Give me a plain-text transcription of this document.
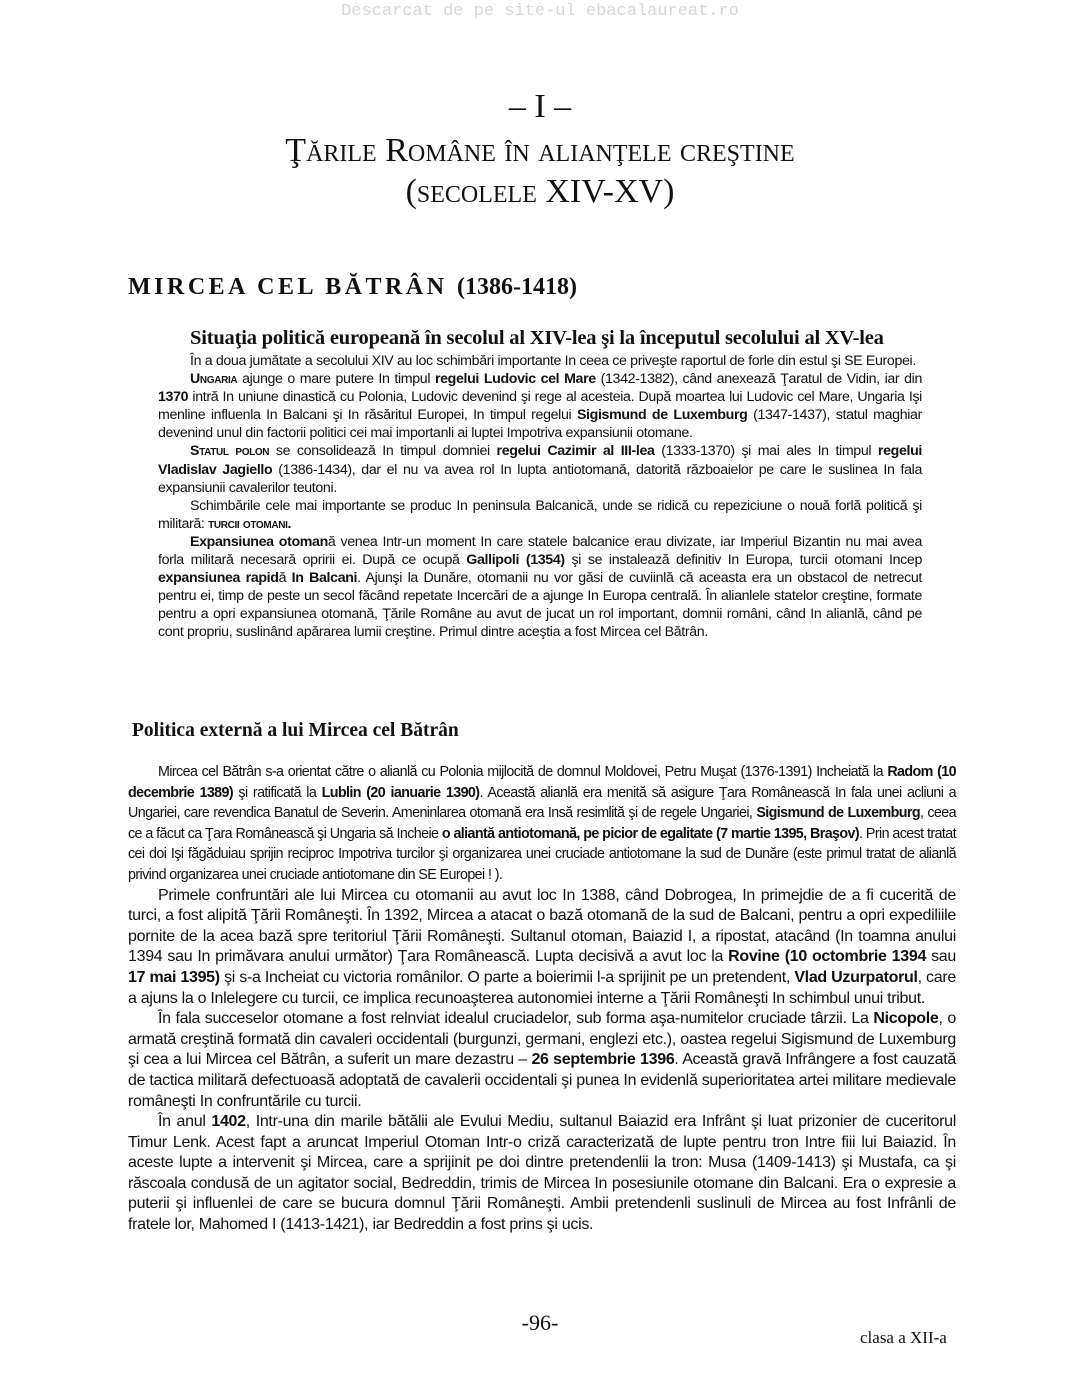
Descarcat de pe site-ul ebacalaureat.ro
– I –
Ţările Române în alianţele creştine
(secolele XIV-XV)
MIRCEA CEL BĂTRÂN (1386-1418)
Situaţia politică europeană în secolul al XIV-lea şi la începutul secolului al XV-lea

În a doua jumătate a secolului XIV au loc schimbări importante In ceea ce priveşte raportul de forle din estul şi SE Europei.

Ungaria ajunge o mare putere In timpul regelui Ludovic cel Mare (1342-1382), când anexează Ţaratul de Vidin, iar din 1370 intră In uniune dinastică cu Polonia, Ludovic devenind şi rege al acesteia. După moartea lui Ludovic cel Mare, Ungaria Işi menline influenla In Balcani şi In răsăritul Europei, In timpul regelui Sigismund de Luxemburg (1347-1437), statul maghiar devenind unul din factorii politici cei mai importanli ai luptei Impotriva expansiunii otomane.

Statul polon se consolidează In timpul domniei regelui Cazimir al III-lea (1333-1370) şi mai ales In timpul regelui Vladislav Jagiello (1386-1434), dar el nu va avea rol In lupta antiotomană, datorită războaielor pe care le suslinea In fala expansiunii cavalerilor teutoni.

Schimbările cele mai importante se produc In peninsula Balcanică, unde se ridică cu repeziciune o nouă forlă politică şi militară: turcii otomani.

Expansiunea otomană venea Intr-un moment In care statele balcanice erau divizate, iar Imperiul Bizantin nu mai avea forla militară necesară opririi ei. După ce ocupă Gallipoli (1354) şi se instalează definitiv In Europa, turcii otomani Incep expansiunea rapidă In Balcani. Ajunşi la Dunăre, otomanii nu vor găsi de cuviinlă că aceasta era un obstacol de netrecut pentru ei, timp de peste un secol făcând repetate Incercări de a ajunge In Europa centrală. În alianlele statelor creştine, formate pentru a opri expansiunea otomană, Ţările Române au avut de jucat un rol important, domnii români, când In alianlă, când pe cont propriu, suslinând apărarea lumii creştine. Primul dintre aceştia a fost Mircea cel Bătrân.

Politica externă a lui Mircea cel Bătrân

Mircea cel Bătrân s-a orientat către o alianlă cu Polonia mijlocită de domnul Moldovei, Petru Muşat (1376-1391) Incheiată la Radom (10 decembrie 1389) şi ratificată la Lublin (20 ianuarie 1390). Această alianlă era menită să asigure Ţara Românească In fala unei acliuni a Ungariei, care revendica Banatul de Severin. Ameninlarea otomană era Insă resimlită şi de regele Ungariei, Sigismund de Luxemburg, ceea ce a făcut ca Ţara Românească şi Ungaria să Incheie o aliantă antiotomană, pe picior de egalitate (7 martie 1395, Braşov). Prin acest tratat cei doi Işi făgăduiau sprijin reciproc Impotriva turcilor şi organizarea unei cruciade antiotomane la sud de Dunăre (este primul tratat de alianlă privind organizarea unei cruciade antiotomane din SE Europei ! ).

Primele confruntări ale lui Mircea cu otomanii au avut loc In 1388, când Dobrogea, In primejdie de a fi cucerită de turci, a fost alipită Ţării Româneşti. În 1392, Mircea a atacat o bază otomană de la sud de Balcani, pentru a opri expediliile pornite de la acea bază spre teritoriul Ţării Româneşti. Sultanul otoman, Baiazid I, a ripostat, atacând (In toamna anului 1394 sau In primăvara anului următor) Ţara Românească. Lupta decisivă a avut loc la Rovine (10 octombrie 1394 sau 17 mai 1395) şi s-a Incheiat cu victoria românilor. O parte a boierimii l-a sprijinit pe un pretendent, Vlad Uzurpatorul, care a ajuns la o Inlelegere cu turcii, ce implica recunoaşterea autonomiei interne a Ţării Româneşti In schimbul unui tribut.

În fala succeselor otomane a fost relnviat idealul cruciadelor, sub forma aşa-numitelor cruciade târzii. La Nicopole, o armată creştină formată din cavaleri occidentali (burgunzi, germani, englezi etc.), oastea regelui Sigismund de Luxemburg şi cea a lui Mircea cel Bătrân, a suferit un mare dezastru – 26 septembrie 1396. Această gravă Infrângere a fost cauzată de tactica militară defectuoasă adoptată de cavalerii occidentali şi punea In evidenlă superioritatea artei militare medievale româneşti In confruntările cu turcii.

În anul 1402, Intr-una din marile bătălii ale Evului Mediu, sultanul Baiazid era Infrânt şi luat prizonier de cuceritorul Timur Lenk. Acest fapt a aruncat Imperiul Otoman Intr-o criză caracterizată de lupte pentru tron Intre fiii lui Baiazid. În aceste lupte a intervenit şi Mircea, care a sprijinit pe doi dintre pretendenlii la tron: Musa (1409-1413) şi Mustafa, ca şi răscoala condusă de un agitator social, Bedreddin, trimis de Mircea In posesiunile otomane din Balcani. Era o expresie a puterii şi influenlei de care se bucura domnul Ţării Româneşti. Ambii pretendenli suslinuli de Mircea au fost Infrânli de fratele lor, Mahomed I (1413-1421), iar Bedreddin a fost prins şi ucis.

-96-
clasa a XII-a
